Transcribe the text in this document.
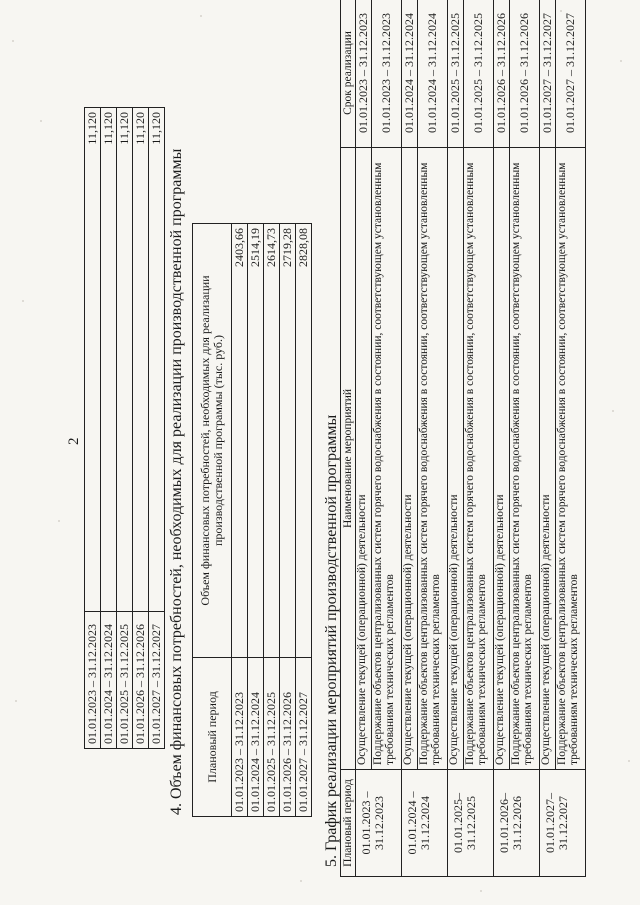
2
01.01.2023 – 31.12.2023	11,120
01.01.2024 – 31.12.2024	11,120
01.01.2025 – 31.12.2025	11,120
01.01.2026 – 31.12.2026	11,120
01.01.2027 – 31.12.2027	11,120
4. Объем финансовых потребностей, необходимых для реализации производственной программы Плановый период	Объем финансовых потребностей, необходимых для реализации производственной программы (тыс. руб.)
01.01.2023 – 31.12.2023	2403,66
01.01.2024 – 31.12.2024	2514,19
01.01.2025 – 31.12.2025	2614,73
01.01.2026 – 31.12.2026	2719,28
01.01.2027 – 31.12.2027	2828,08
5. График реализации мероприятий производственной программы Плановый период	Наименование мероприятий	Срок реализации
01.01.2023 – 31.12.2023	Осуществление текущей (операционной) деятельности	01.01.2023 – 31.12.2023
	Поддержание объектов централизованных систем горячего водоснабжения в состоянии, соответствующем установленным требованиям технических регламентов	01.01.2023 – 31.12.2023
01.01.2024 – 31.12.2024	Осуществление текущей (операционной) деятельности	01.01.2024 – 31.12.2024
	Поддержание объектов централизованных систем горячего водоснабжения в состоянии, соответствующем установленным требованиям технических регламентов	01.01.2024 – 31.12.2024
01.01.2025– 31.12.2025	Осуществление текущей (операционной) деятельности	01.01.2025 – 31.12.2025
	Поддержание объектов централизованных систем горячего водоснабжения в состоянии, соответствующем установленным требованиям технических регламентов	01.01.2025 – 31.12.2025
01.01.2026– 31.12.2026	Осуществление текущей (операционной) деятельности	01.01.2026 – 31.12.2026
	Поддержание объектов централизованных систем горячего водоснабжения в состоянии, соответствующем установленным требованиям технических регламентов	01.01.2026 – 31.12.2026
01.01.2027– 31.12.2027	Осуществление текущей (операционной) деятельности	01.01.2027 – 31.12.2027
	Поддержание объектов централизованных систем горячего водоснабжения в состоянии, соответствующем установленным требованиям технических регламентов	01.01.2027 – 31.12.2027
